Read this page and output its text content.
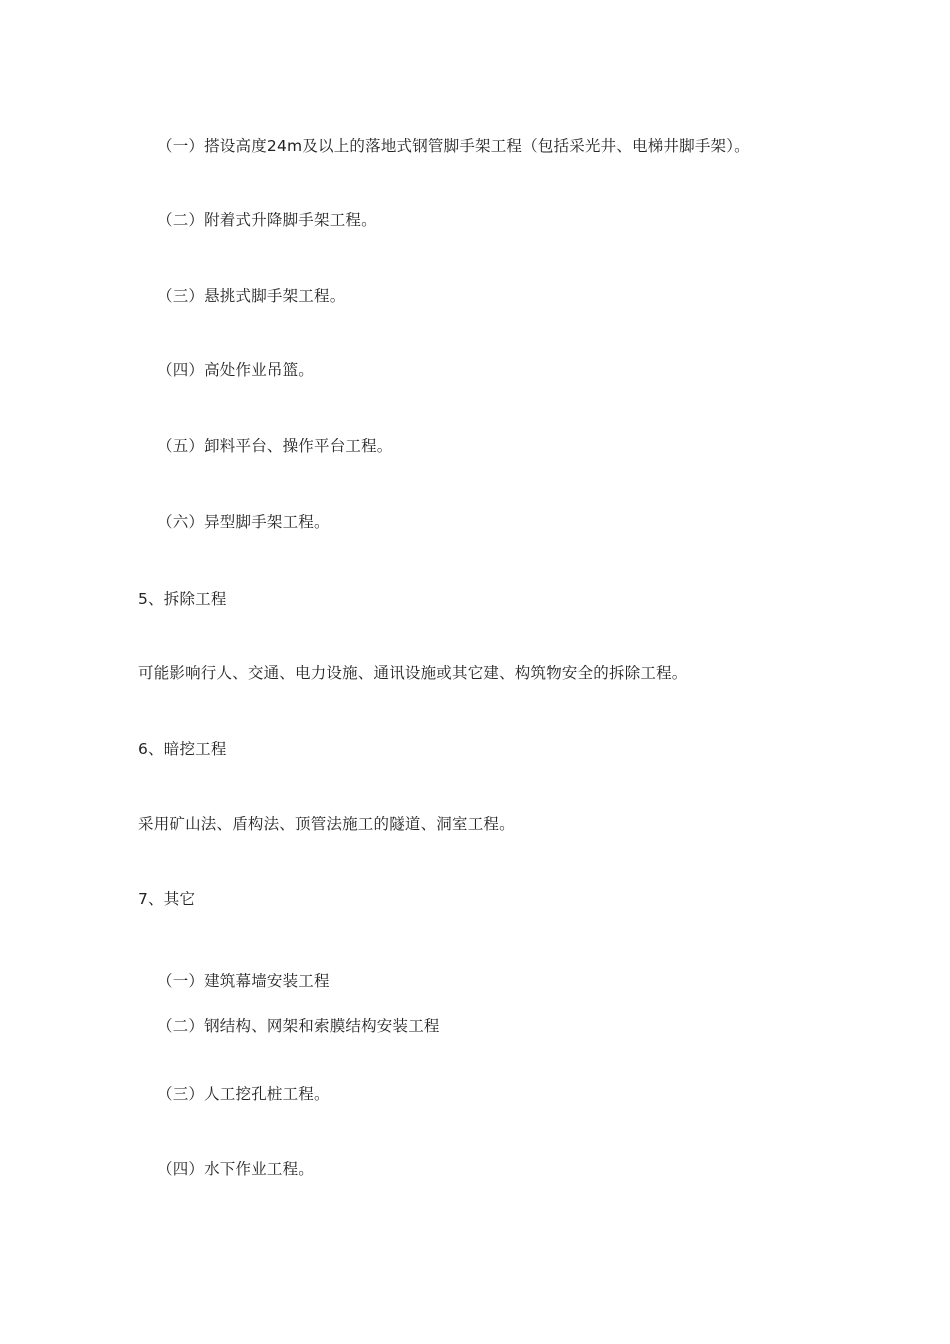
（一）搭设高度24m及以上的落地式钢管脚手架工程（包括采光井、电梯井脚手架）。
（二）附着式升降脚手架工程。
（三）悬挑式脚手架工程。
（四）高处作业吊篮。
（五）卸料平台、操作平台工程。
（六）异型脚手架工程。
5、拆除工程
可能影响行人、交通、电力设施、通讯设施或其它建、构筑物安全的拆除工程。
6、暗挖工程
采用矿山法、盾构法、顶管法施工的隧道、洞室工程。
7、其它
（一）建筑幕墙安装工程
（二）钢结构、网架和索膜结构安装工程
（三）人工挖孔桩工程。
（四）水下作业工程。
